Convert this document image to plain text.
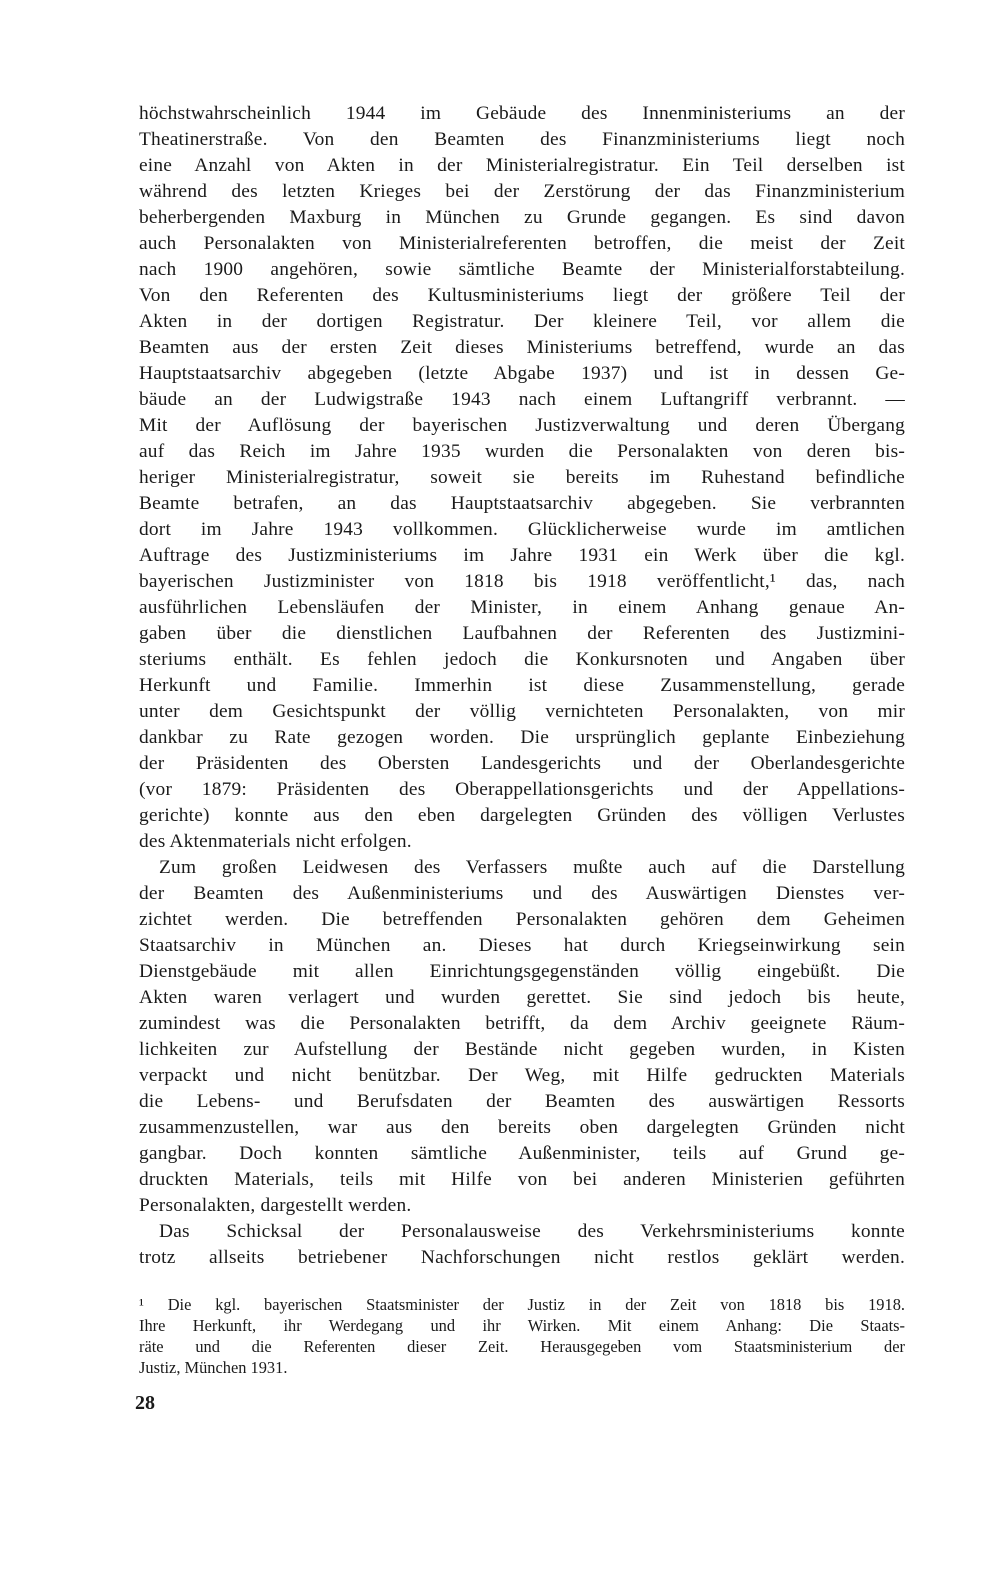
höchstwahrscheinlich 1944 im Gebäude des Innenministeriums an der
Theatinerstraße. Von den Beamten des Finanzministeriums liegt noch
eine Anzahl von Akten in der Ministerialregistratur. Ein Teil derselben ist
während des letzten Krieges bei der Zerstörung der das Finanzministerium
beherbergenden Maxburg in München zu Grunde gegangen. Es sind davon
auch Personalakten von Ministerialreferenten betroffen, die meist der Zeit
nach 1900 angehören, sowie sämtliche Beamte der Ministerialforstabteilung.
Von den Referenten des Kultusministeriums liegt der größere Teil der
Akten in der dortigen Registratur. Der kleinere Teil, vor allem die
Beamten aus der ersten Zeit dieses Ministeriums betreffend, wurde an das
Hauptstaatsarchiv abgegeben (letzte Abgabe 1937) und ist in dessen Ge-
bäude an der Ludwigstraße 1943 nach einem Luftangriff verbrannt. —
Mit der Auflösung der bayerischen Justizverwaltung und deren Übergang
auf das Reich im Jahre 1935 wurden die Personalakten von deren bis-
heriger Ministerialregistratur, soweit sie bereits im Ruhestand befindliche
Beamte betrafen, an das Hauptstaatsarchiv abgegeben. Sie verbrannten
dort im Jahre 1943 vollkommen. Glücklicherweise wurde im amtlichen
Auftrage des Justizministeriums im Jahre 1931 ein Werk über die kgl.
bayerischen Justizminister von 1818 bis 1918 veröffentlicht,¹ das, nach
ausführlichen Lebensläufen der Minister, in einem Anhang genaue An-
gaben über die dienstlichen Laufbahnen der Referenten des Justizmini-
steriums enthält. Es fehlen jedoch die Konkursnoten und Angaben über
Herkunft und Familie. Immerhin ist diese Zusammenstellung, gerade
unter dem Gesichtspunkt der völlig vernichteten Personalakten, von mir
dankbar zu Rate gezogen worden. Die ursprünglich geplante Einbeziehung
der Präsidenten des Obersten Landesgerichts und der Oberlandesgerichte
(vor 1879: Präsidenten des Oberappellationsgerichts und der Appellations-
gerichte) konnte aus den eben dargelegten Gründen des völligen Verlustes
des Aktenmaterials nicht erfolgen.
Zum großen Leidwesen des Verfassers mußte auch auf die Darstellung
der Beamten des Außenministeriums und des Auswärtigen Dienstes ver-
zichtet werden. Die betreffenden Personalakten gehören dem Geheimen
Staatsarchiv in München an. Dieses hat durch Kriegseinwirkung sein
Dienstgebäude mit allen Einrichtungsgegenständen völlig eingebüßt. Die
Akten waren verlagert und wurden gerettet. Sie sind jedoch bis heute,
zumindest was die Personalakten betrifft, da dem Archiv geeignete Räum-
lichkeiten zur Aufstellung der Bestände nicht gegeben wurden, in Kisten
verpackt und nicht benützbar. Der Weg, mit Hilfe gedruckten Materials
die Lebens- und Berufsdaten der Beamten des auswärtigen Ressorts
zusammenzustellen, war aus den bereits oben dargelegten Gründen nicht
gangbar. Doch konnten sämtliche Außenminister, teils auf Grund ge-
druckten Materials, teils mit Hilfe von bei anderen Ministerien geführten
Personalakten, dargestellt werden.
Das Schicksal der Personalausweise des Verkehrsministeriums konnte
trotz allseits betriebener Nachforschungen nicht restlos geklärt werden.
¹ Die kgl. bayerischen Staatsminister der Justiz in der Zeit von 1818 bis 1918.
Ihre Herkunft, ihr Werdegang und ihr Wirken. Mit einem Anhang: Die Staats-
räte und die Referenten dieser Zeit. Herausgegeben vom Staatsministerium der
Justiz, München 1931.
28
